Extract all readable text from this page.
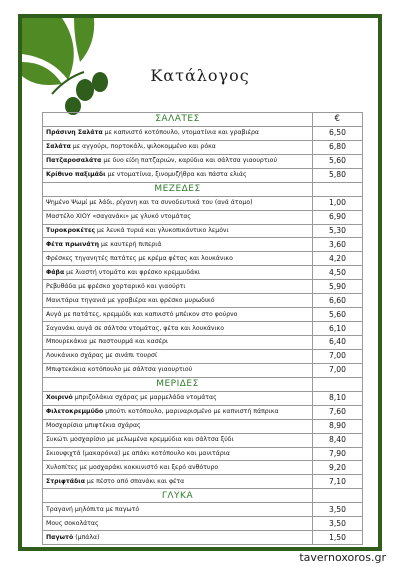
Κατάλογος
ΣΑΛΑΤΕΣ	€
Πράσινη Σαλάτα με καπνιστό κοτόπουλο, ντοματίνια και γραβιέρα	6,50
Σαλάτα με αγγούρι, πορτοκάλι, ψιλοκομμένο και ρόκα	6,80
Πατζαροσαλάτα με δυο είδη πατζαριών, καρύδια και σάλτσα γιαουρτιού	5,60
Κρίθινο παξιμάδι με ντοματίνια, ξινομυζήθρα και πάστα ελιάς	5,80
ΜΕΖΕΔΕΣ	
Ψημένο Ψωμί με λάδι, ρίγανη και τα συνοδευτικά του (ανά άτομο)	1,00
Μαστέλο ΧΙΟΥ «σαγανάκι» με γλυκό ντομάτας	6,90
Τυροκροκέτες με λευκά τυριά και γλυκοπικάντικο λεμόνι	5,30
Φέτα πρωινάτη με καυτερή πιπεριά	3,60
Φρέσκες τηγανητές πατάτες με κρέμα φέτας και λουκάνικο	4,20
Φάβα με λιαστή ντομάτα και φρέσκο κρεμμυδάκι	4,50
Ρεβυθάδα με φρέσκο χορταρικό και γιαούρτι	5,90
Μανιτάρια τηγανιά με γραβιέρα και φρέσκο μυρωδικό	6,60
Αυγά με πατάτες, κρεμμύδι και καπνιστό μπέικον στο φούρνο	5,60
Σαγανάκι αυγά σε σάλτσα ντομάτας, φέτα και λουκάνικο	6,10
Μπουρεκάκια με παστουρμά και κασέρι	6,40
Λουκάνικο σχάρας με σινάπι τουρσί	7,00
Μπιφτεκάκια κοτόπουλο με σάλτσα γιαουρτιού	7,00
ΜΕΡΙΔΕΣ	
Χοιρινό μπριζολάκια σχάρας με μαρμελάδα ντομάτας	8,10
Φιλετοκρεμμύδο μπούτι κοτόπουλο, μαριναρισμένο με καπνιστή πάπρικα	7,60
Μοσχαρίσια μπιφτέκια σχάρας	8,90
Συκώτι μοσχαρίσιο με μελωμένα κρεμμύδια και σάλτσα ξύδι	8,40
Σκιουφιχτά (μακαρόνια) με απάκι κοτόπουλο και μανιτάρια	7,90
Χυλοπίτες με μοσχαράκι κοκκινιστό και ξερό ανθότυρο	9,20
Στριφτάδια με πέστο από σπανάκι και φέτα	7,10
ΓΛΥΚΑ	
Τραγανή μηλόπιτα με παγωτό	3,50
Μους σοκολάτας	3,50
Παγωτό (μπάλα)	1,50
tavernoxoros.gr
